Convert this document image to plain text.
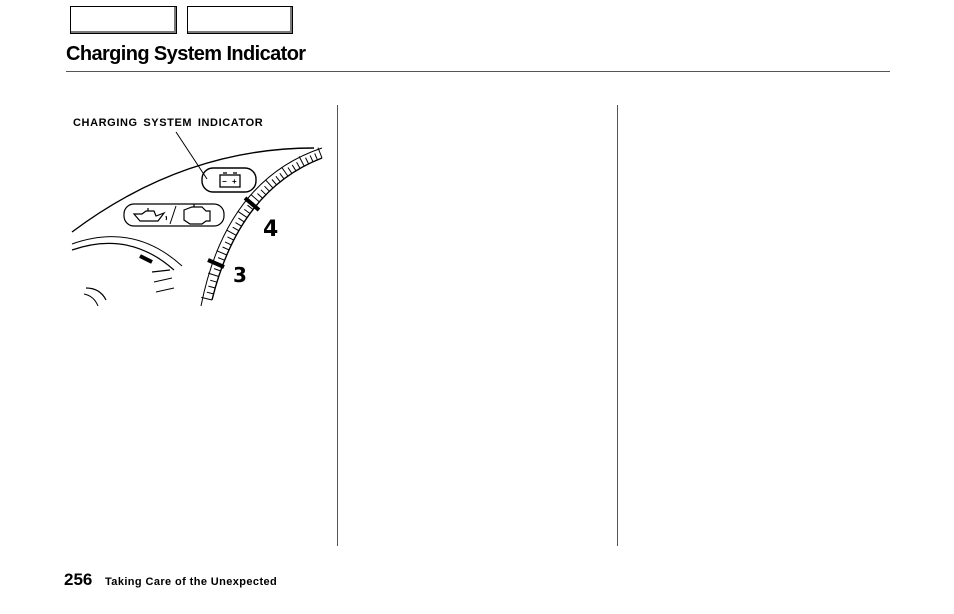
Charging System Indicator
− +
4
3
CHARGING SYSTEM INDICATOR
256 Taking Care of the Unexpected
